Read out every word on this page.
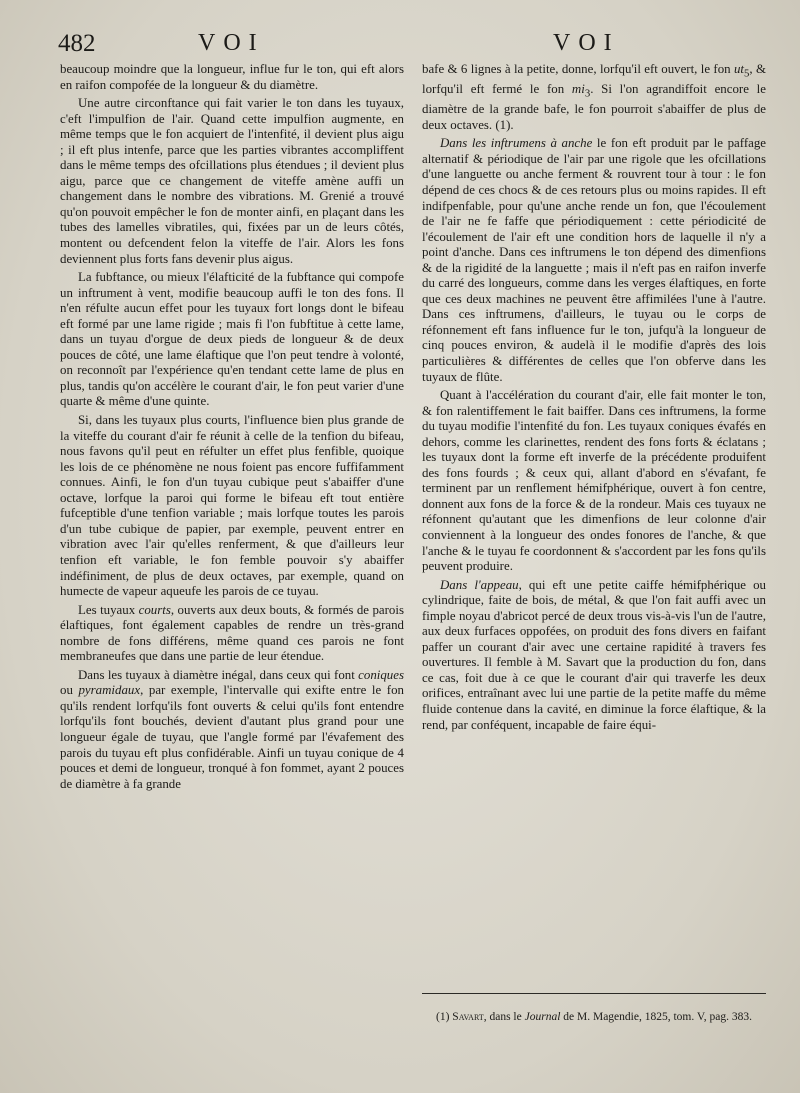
482	VOI	VOI

beaucoup moindre que la longueur, influe fur le ton, qui eft alors en raifon compofée de la longueur & du diamètre.

Une autre circonftance qui fait varier le ton dans les tuyaux, c'eft l'impulfion de l'air. Quand cette impulfion augmente, en même temps que le fon acquiert de l'intenfité, il devient plus aigu ; il eft plus intenfe, parce que les parties vibrantes accompliffent dans le même temps des ofcillations plus étendues ; il devient plus aigu, parce que ce changement de viteffe amène auffi un changement dans le nombre des vibrations. M. Grenié a trouvé qu'on pouvoit empêcher le fon de monter ainfi, en plaçant dans les tubes des lamelles vibratiles, qui, fixées par un de leurs côtés, montent ou defcendent felon la viteffe de l'air. Alors les fons deviennent plus forts fans devenir plus aigus.

La fubftance, ou mieux l'élafticité de la fubftance qui compofe un inftrument à vent, modifie beaucoup auffi le ton des fons. Il n'en réfulte aucun effet pour les tuyaux fort longs dont le bifeau eft formé par une lame rigide ; mais fi l'on fubftitue à cette lame, dans un tuyau d'orgue de deux pieds de longueur & de deux pouces de côté, une lame élaftique que l'on peut tendre à volonté, on reconnoît par l'expérience qu'en tendant cette lame de plus en plus, tandis qu'on accélère le courant d'air, le fon peut varier d'une quarte & même d'une quinte.

Si, dans les tuyaux plus courts, l'influence bien plus grande de la viteffe du courant d'air fe réunit à celle de la tenfion du bifeau, nous favons qu'il peut en réfulter un effet plus fenfible, quoique les lois de ce phénomène ne nous foient pas encore fuffifamment connues. Ainfi, le fon d'un tuyau cubique peut s'abaiffer d'une octave, lorfque la paroi qui forme le bifeau eft tout entière fufceptible d'une tenfion variable ; mais lorfque toutes les parois d'un tube cubique de papier, par exemple, peuvent entrer en vibration avec l'air qu'elles renferment, & que d'ailleurs leur tenfion eft variable, le fon femble pouvoir s'y abaiffer indéfiniment, de plus de deux octaves, par exemple, quand on humecte de vapeur aqueufe les parois de ce tuyau.

Les tuyaux courts, ouverts aux deux bouts, & formés de parois élaftiques, font également capables de rendre un très-grand nombre de fons différens, même quand ces parois ne font membraneufes que dans une partie de leur étendue.

Dans les tuyaux à diamètre inégal, dans ceux qui font coniques ou pyramidaux, par exemple, l'intervalle qui exifte entre le fon qu'ils rendent lorfqu'ils font ouverts & celui qu'ils font entendre lorfqu'ils font bouchés, devient d'autant plus grand pour une longueur égale de tuyau, que l'angle formé par l'évafement des parois du tuyau eft plus confidérable. Ainfi un tuyau conique de 4 pouces et demi de longueur, tronqué à fon fommet, ayant 2 pouces de diamètre à fa grande

bafe & 6 lignes à la petite, donne, lorfqu'il eft ouvert, le fon $ut_5$, & lorfqu'il eft fermé le fon $mi_3$. Si l'on agrandiffoit encore le diamètre de la grande bafe, le fon pourroit s'abaiffer de plus de deux octaves. (1).

Dans les inftrumens à anche le fon eft produit par le paffage alternatif & périodique de l'air par une rigole que les ofcillations d'une languette ou anche ferment & rouvrent tour à tour : le fon dépend de ces chocs & de ces retours plus ou moins rapides. Il eft indifpenfable, pour qu'une anche rende un fon, que l'écoulement de l'air ne fe faffe que périodiquement : cette périodicité de l'écoulement de l'air eft une condition hors de laquelle il n'y a point d'anche. Dans ces inftrumens le ton dépend des dimenfions & de la rigidité de la languette ; mais il n'eft pas en raifon inverfe du carré des longueurs, comme dans les verges élaftiques, en forte que ces deux machines ne peuvent être affimilées l'une à l'autre. Dans ces inftrumens, d'ailleurs, le tuyau ou le corps de réfonnement eft fans influence fur le ton, jufqu'à la longueur de cinq pouces environ, & audelà il le modifie d'après des lois particulières & différentes de celles que l'on obferve dans les tuyaux de flûte.

Quant à l'accélération du courant d'air, elle fait monter le ton, & fon ralentiffement le fait baiffer. Dans ces inftrumens, la forme du tuyau modifie l'intenfité du fon. Les tuyaux coniques évafés en dehors, comme les clarinettes, rendent des fons forts & éclatans ; les tuyaux dont la forme eft inverfe de la précédente produifent des fons fourds ; & ceux qui, allant d'abord en s'évafant, fe terminent par un renflement hémifphérique, ouvert à fon centre, donnent aux fons de la force & de la rondeur. Mais ces tuyaux ne réfonnent qu'autant que les dimenfions de leur colonne d'air conviennent à la longueur des ondes fonores de l'anche, & que l'anche & le tuyau fe coordonnent & s'accordent par les fons qu'ils peuvent produire.

Dans l'appeau, qui eft une petite caiffe hémifphérique ou cylindrique, faite de bois, de métal, & que l'on fait auffi avec un fimple noyau d'abricot percé de deux trous vis-à-vis l'un de l'autre, aux deux furfaces oppofées, on produit des fons divers en faifant paffer un courant d'air avec une certaine rapidité à travers fes ouvertures. Il femble à M. Savart que la production du fon, dans ce cas, foit due à ce que le courant d'air qui traverfe les deux orifices, entraînant avec lui une partie de la petite maffe du même fluide contenue dans la cavité, en diminue la force élaftique, & la rend, par conféquent, incapable de faire équi-

(1) Savart, dans le Journal de M. Magendie, 1825, tom. V, pag. 383.
